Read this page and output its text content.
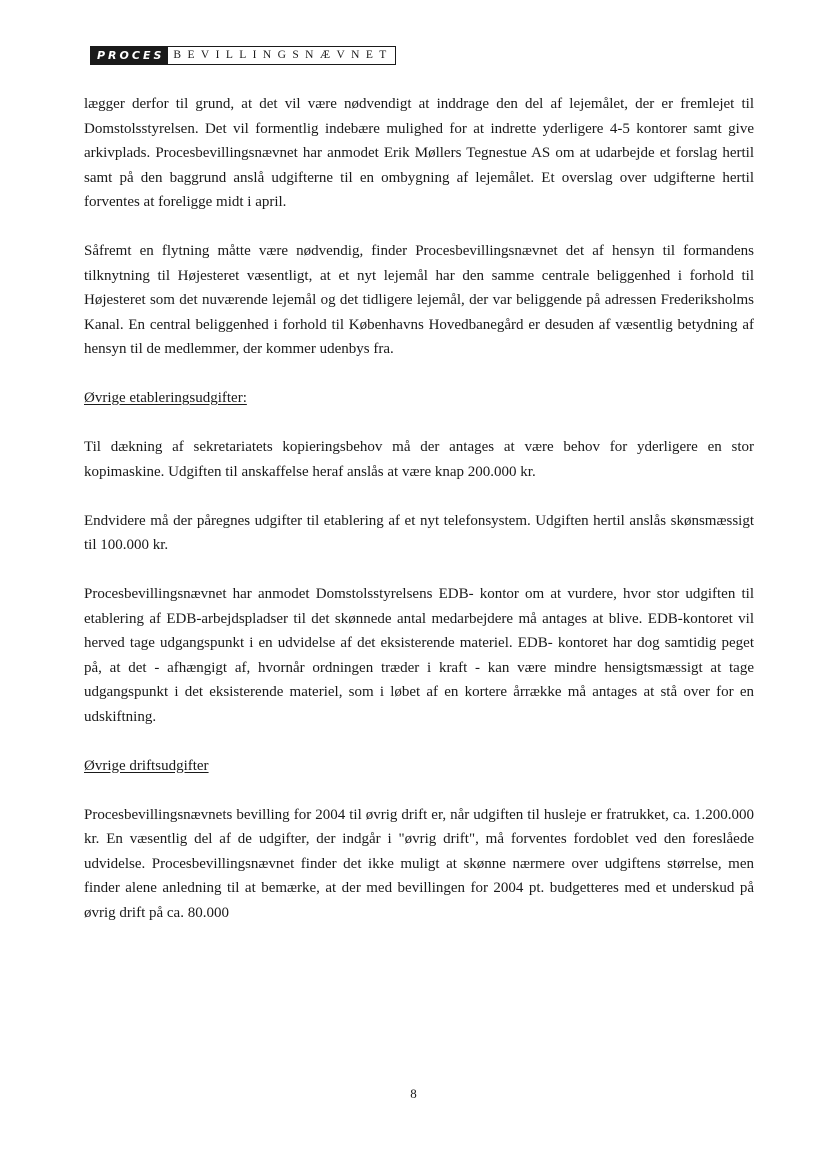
PROCES BEVILLINGSNÆVNET

lægger derfor til grund, at det vil være nødvendigt at inddrage den del af lejemålet, der er fremlejet til Domstolsstyrelsen. Det vil formentlig indebære mulighed for at indrette yderligere 4-5 kontorer samt give arkivplads. Procesbevillingsnævnet har anmodet Erik Møllers Tegnestue AS om at udarbejde et forslag hertil samt på den baggrund anslå udgifterne til en ombygning af lejemålet. Et overslag over udgifterne hertil forventes at foreligge midt i april.

Såfremt en flytning måtte være nødvendig, finder Procesbevillingsnævnet det af hensyn til formandens tilknytning til Højesteret væsentligt, at et nyt lejemål har den samme centrale beliggenhed i forhold til Højesteret som det nuværende lejemål og det tidligere lejemål, der var beliggende på adressen Frederiksholms Kanal. En central beliggenhed i forhold til Københavns Hovedbanegård er desuden af væsentlig betydning af hensyn til de medlemmer, der kommer udenbys fra.

Øvrige etableringsudgifter:

Til dækning af sekretariatets kopieringsbehov må der antages at være behov for yderligere en stor kopimaskine. Udgiften til anskaffelse heraf anslås at være knap 200.000 kr.

Endvidere må der påregnes udgifter til etablering af et nyt telefonsystem. Udgiften hertil anslås skønsmæssigt til 100.000 kr.

Procesbevillingsnævnet har anmodet Domstolsstyrelsens EDB- kontor om at vurdere, hvor stor udgiften til etablering af EDB-arbejdspladser til det skønnede antal medarbejdere må antages at blive. EDB-kontoret vil herved tage udgangspunkt i en udvidelse af det eksisterende materiel. EDB- kontoret har dog samtidig peget på, at det - afhængigt af, hvornår ordningen træder i kraft - kan være mindre hensigtsmæssigt at tage udgangspunkt i det eksisterende materiel, som i løbet af en kortere årrække må antages at stå over for en udskiftning.

Øvrige driftsudgifter

Procesbevillingsnævnets bevilling for 2004 til øvrig drift er, når udgiften til husleje er fratrukket, ca. 1.200.000 kr. En væsentlig del af de udgifter, der indgår i "øvrig drift", må forventes fordoblet ved den foreslåede udvidelse. Procesbevillingsnævnet finder det ikke muligt at skønne nærmere over udgiftens størrelse, men finder alene anledning til at bemærke, at der med bevillingen for 2004 pt. budgetteres med et underskud på øvrig drift på ca. 80.000

8
